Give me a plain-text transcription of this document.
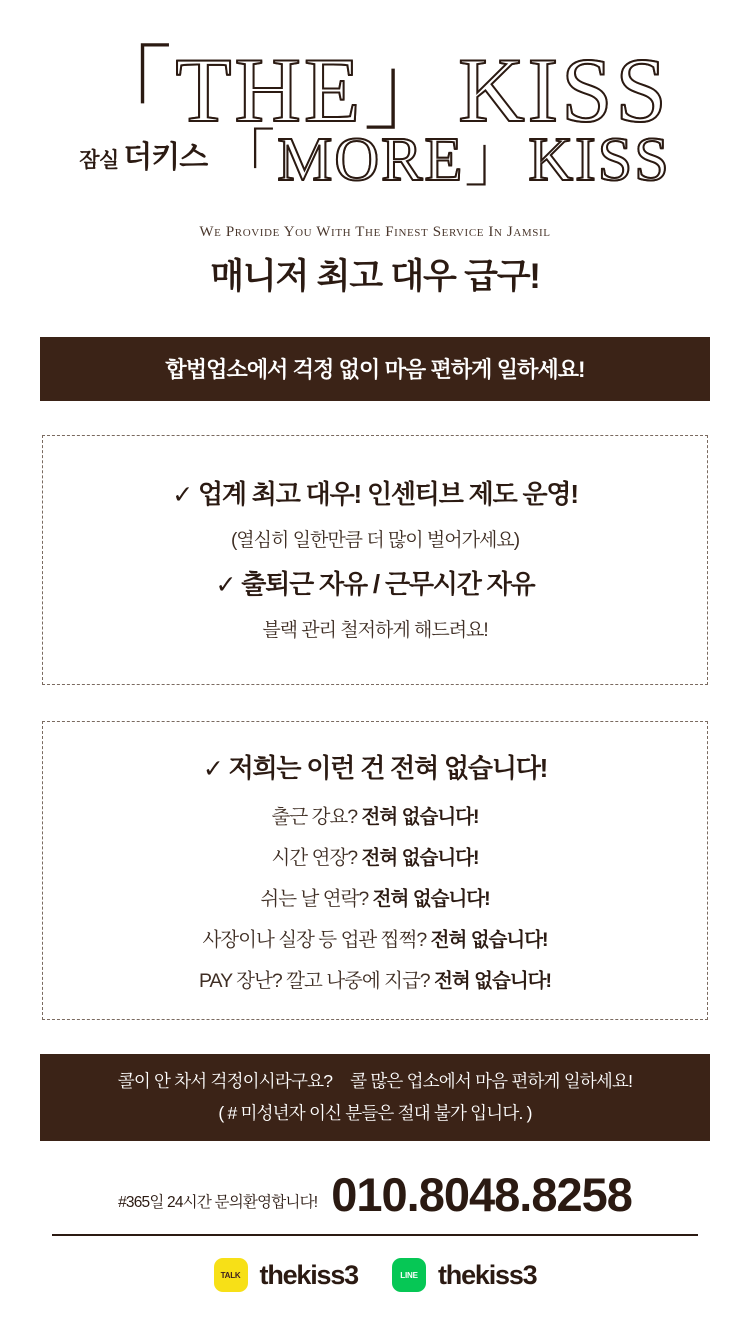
「THE」KISS
잠실 더키스 「MORE」KISS
We Provide You With The Finest Service In Jamsil
매니저 최고 대우 급구!
합법업소에서 걱정 없이 마음 편하게 일하세요!
✓ 업계 최고 대우! 인센티브 제도 운영!
(열심히 일한만큼 더 많이 벌어가세요)
✓ 출퇴근 자유 / 근무시간 자유
블랙 관리 철저하게 해드려요!
✓ 저희는 이런 건 전혀 없습니다!
출근 강요? 전혀 없습니다!
시간 연장? 전혀 없습니다!
쉬는 날 연락? 전혀 없습니다!
사장이나 실장 등 업관 찝쩍? 전혀 없습니다!
PAY 장난? 깔고 나중에 지급? 전혀 없습니다!
콜이 안 차서 걱정이시라구요? 콜 많은 업소에서 마음 편하게 일하세요!
( # 미성년자 이신 분들은 절대 불가 입니다. )
#365일 24시간 문의환영합니다! 010.8048.8258
TALK thekiss3	LINE thekiss3
